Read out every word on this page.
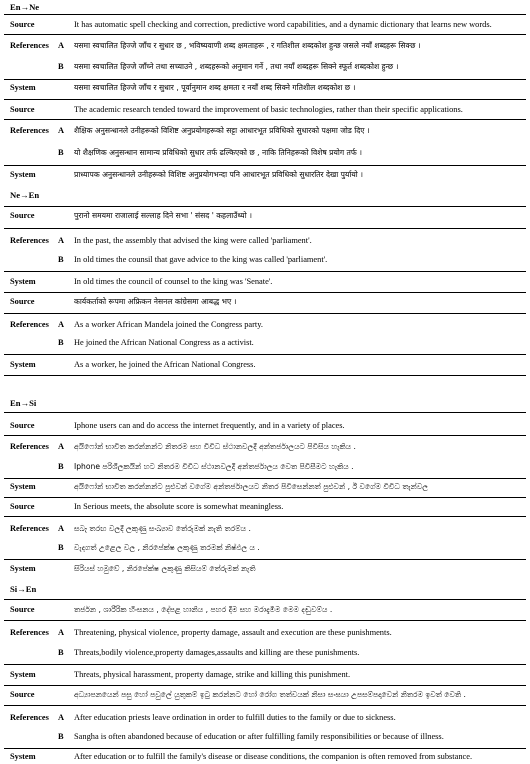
En→Ne
Source	It has automatic spell checking and correction, predictive word capabilities, and a dynamic dictionary that learns new words.
References A यसमा स्वचालित हिज्जे जाँच र सुधार छ , भविष्यवाणी शब्द क्षमताहरू , र गतिशील शब्दकोश हुन्छ जसले नयाँ शब्दहरू सिक्छ ।
B यसमा स्वचालित हिज्जे जाँच्ने तथा सच्याउने , शब्दहरूको अनुमान गर्ने , तथा नयाँ शब्दहरू सिक्ने स्फूर्त शब्दकोश हुन्छ ।
System	यसमा स्वचालित हिज्जे जाँच र सुधार , पूर्वानुमान शब्द क्षमता र नयाँ शब्द सिक्ने गतिशील शब्दकोश छ ।
Source	The academic research tended toward the improvement of basic technologies, rather than their specific applications.
References A शैक्षिक अनुसन्धानले उनीहरूको विशिष्ट अनुप्रयोगहरूको सट्टा आधारभूत प्रविधिको सुधारको पक्षमा जोड दिए ।
B यो शैक्षणिक अनुसन्धान सामान्य प्रविधिको सुधार तर्फ ढल्किएको छ , नाकि तिनिहरूको विशेष प्रयोग तर्फ ।
System	प्राध्यापक अनुसन्धानले उनीहरूको विशिष्ट अनुप्रयोगभन्दा पनि आधारभूत प्रविधिको सुधारतिर देखा पुर्यायो ।
Ne→En
Source	पुरानो समयमा राजालाई सल्लाह दिने सभा ' संसद ' कहलाउँथ्यो ।
References A In the past, the assembly that advised the king were called 'parliament'.
B In old times the counsil that gave advice to the king was called 'parliament'.
System	In old times the council of counsel to the king was 'Senate'.
Source	कार्यकर्ताको रूपमा अफ्रिकन नेसनल कांग्रेसमा आबद्ध भए ।
References A As a worker African Mandela joined the Congress party.
B He joined the African National Congress as a activist.
System	As a worker, he joined the African National Congress.
En→Si
Source	Iphone users can and do access the internet frequently, and in a variety of places.
References A අයිෆෝන් භාවිත කරන්නන්ට නිතරම සහ විවිධ ස්ථානවලදී අන්තර්ජාලයට පිවිසිය හැකිය .
B Iphone පරිශීලකයින් හට නිතරම විවිධ ස්ථානවලදී අන්තර්ජාලය වෙත පිවිසීමට හැකිය .
System	අයිෆෝන් භාවිත කරන්නන්ට පුළුවන් වගේම අන්තර්ජාලයට නිතර පිවිසෙන්නත් පුළුවන් , ඊ වගේම විවිධ තැන්වල
Source	In Serious meets, the absolute score is somewhat meaningless.
References A සබෑ තරඟ වලදී ලකුණු සංඛ්‍යාව තේරුමක් නැති තරම්ය .
B වැදගත් උළෙල වල , නිරපේක්ෂ ලකුණු තරමක් නිෂ්ඵල ය .
System	සිරියස් හමුවේ , නිරපේක්ෂ ලකුණු කිසියම් තේරුමක් නැති
Si→En
Source	තර්ජන , ශාරීරික හිංසනය , දේපළ හානිය , පහර දීම සහ මරාදැමීම මෙම දඬුවම්ය .
References A Threatening, physical violence, property damage, assault and execution are these punishments.
B Threats,bodily violence,property damages,assaults and killing are these punishments.
System	Threats, physical harassment, property damage, strike and killing this punishment.
Source	අධ්‍යාපනයෙන් පසු හෝ පවුලේ යුතුකම් ඉටු කරන්නට හෝ රෝග තත්වයක් නිසා සංඝයා උපසම්පදාවෙන් නිතරම ඉවත් වෙති .
References A After education priests leave ordination in order to fulfill duties to the family or due to sickness.
B Sangha is often abandoned because of education or after fulfilling family responsibilities or because of illness.
System	After education or to fulfill the family's disease or disease conditions, the companion is often removed from substance.
